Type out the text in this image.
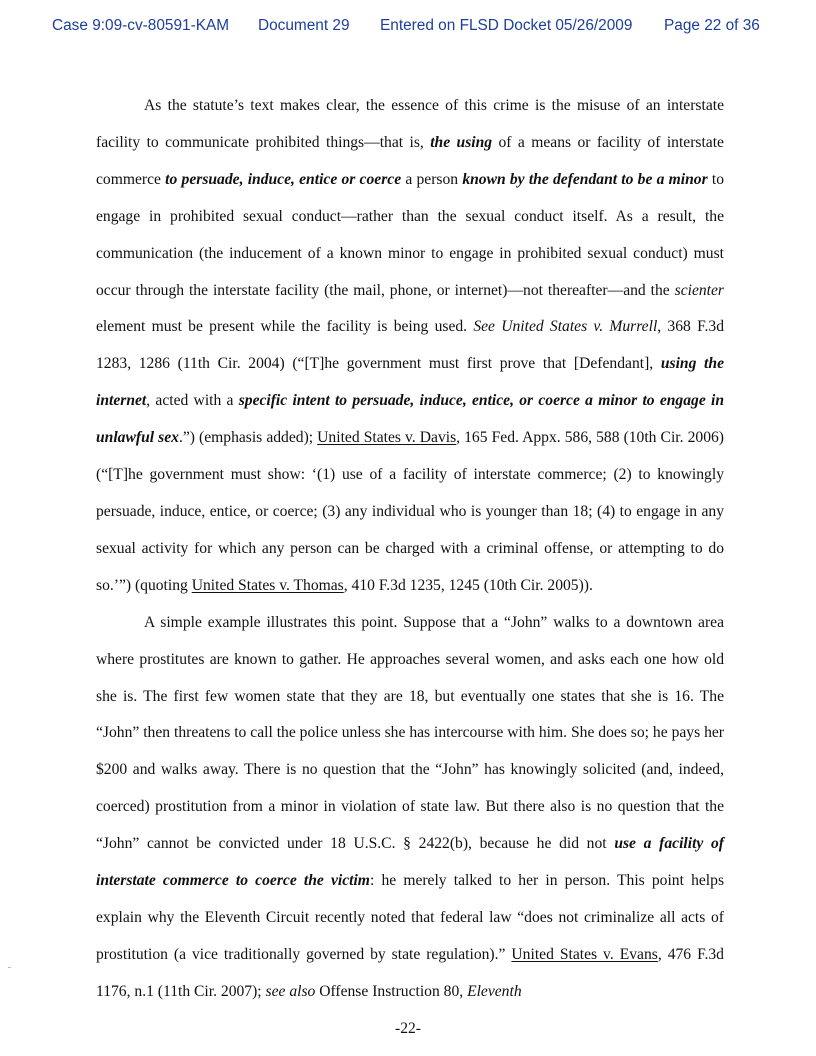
Case 9:09-cv-80591-KAM Document 29 Entered on FLSD Docket 05/26/2009 Page 22 of 36

As the statute’s text makes clear, the essence of this crime is the misuse of an interstate facility to communicate prohibited things—that is, the using of a means or facility of interstate commerce to persuade, induce, entice or coerce a person known by the defendant to be a minor to engage in prohibited sexual conduct—rather than the sexual conduct itself. As a result, the communication (the inducement of a known minor to engage in prohibited sexual conduct) must occur through the interstate facility (the mail, phone, or internet)—not thereafter—and the scienter element must be present while the facility is being used. See United States v. Murrell, 368 F.3d 1283, 1286 (11th Cir. 2004) (“[T]he government must first prove that [Defendant], using the internet, acted with a specific intent to persuade, induce, entice, or coerce a minor to engage in unlawful sex.”) (emphasis added); United States v. Davis, 165 Fed. Appx. 586, 588 (10th Cir. 2006) (“[T]he government must show: ‘(1) use of a facility of interstate commerce; (2) to knowingly persuade, induce, entice, or coerce; (3) any individual who is younger than 18; (4) to engage in any sexual activity for which any person can be charged with a criminal offense, or attempting to do so.’”) (quoting United States v. Thomas, 410 F.3d 1235, 1245 (10th Cir. 2005)).

A simple example illustrates this point. Suppose that a “John” walks to a downtown area where prostitutes are known to gather. He approaches several women, and asks each one how old she is. The first few women state that they are 18, but eventually one states that she is 16. The “John” then threatens to call the police unless she has intercourse with him. She does so; he pays her $200 and walks away. There is no question that the “John” has knowingly solicited (and, indeed, coerced) prostitution from a minor in violation of state law. But there also is no question that the “John” cannot be convicted under 18 U.S.C. § 2422(b), because he did not use a facility of interstate commerce to coerce the victim: he merely talked to her in person. This point helps explain why the Eleventh Circuit recently noted that federal law “does not criminalize all acts of prostitution (a vice traditionally governed by state regulation).” United States v. Evans, 476 F.3d 1176, n.1 (11th Cir. 2007); see also Offense Instruction 80, Eleventh

-22-
